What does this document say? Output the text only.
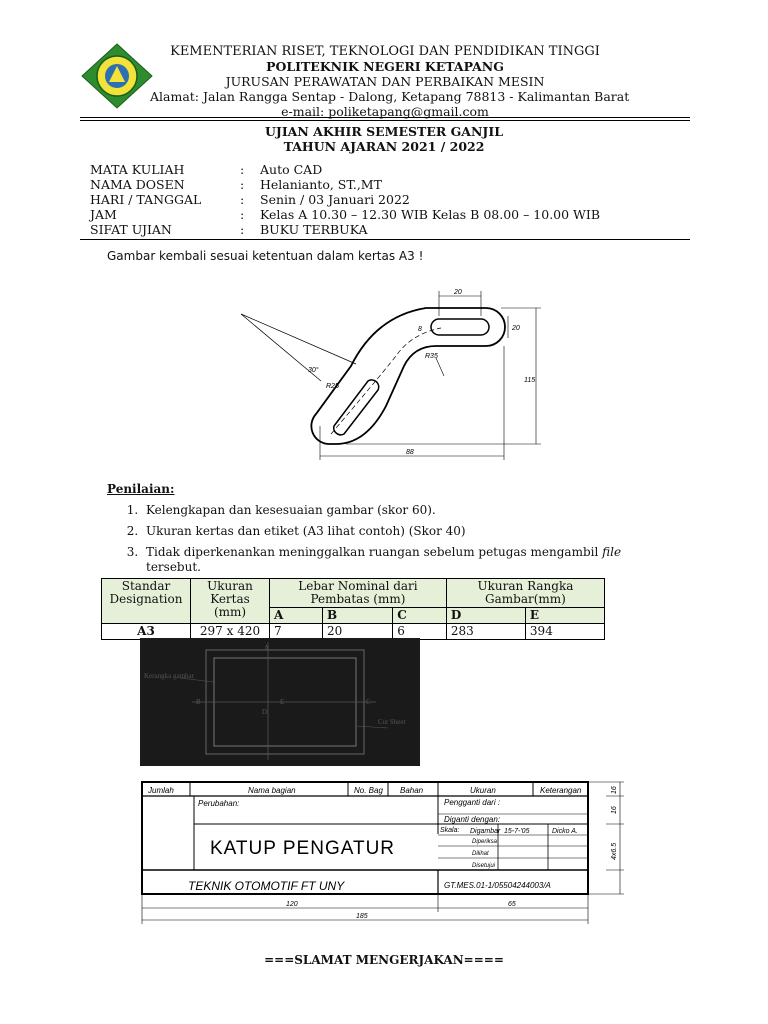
KEMENTERIAN RISET, TEKNOLOGI DAN PENDIDIKAN TINGGI
POLITEKNIK NEGERI KETAPANG
JURUSAN PERAWATAN DAN PERBAIKAN MESIN
Alamat: Jalan Rangga Sentap - Dalong, Ketapang 78813 - Kalimantan Barat
e-mail: poliketapang@gmail.com
UJIAN AKHIR SEMESTER GANJIL
TAHUN AJARAN 2021 / 2022
MATA KULIAH	:	Auto CAD
NAMA DOSEN	:	Helanianto, ST.,MT
HARI / TANGGAL	:	Senin / 03 Januari 2022
JAM	:	Kelas A 10.30 – 12.30 WIB Kelas B 08.00 – 10.00 WIB
SIFAT UJIAN	:	BUKU TERBUKA
Gambar kembali sesuai ketentuan dalam kertas A3 !
20
20
115
88
30°
R25
R35
8
Penilaian:
1. Kelengkapan dan kesesuaian gambar (skor 60).
2. Ukuran kertas dan etiket (A3 lihat contoh) (Skor 40)
3. Tidak diperkenankan meninggalkan ruangan sebelum petugas mengambil file
tersebut.
Standar Designation	Ukuran Kertas (mm)	Lebar Nominal dari Pembatas (mm)			Ukuran Rangka Gambar(mm)	
		A	B	C	D	E
A3	297 x 420	7	20	6	283	394
Kerangka gambar
Cut Sheet
A
B	C
D
E
Jumlah	Nama bagian	No. Bag Bahan	Ukuran	Keterangan
Perubahan:	Pengganti dari :
Diganti dengan:
Skala: Digambar 15-7-'05	Dicko A.
Diperiksa
Dilihat
Disetujui
TEKNIK OTOMOTIF FT UNY	GT.MES.01-1/05504244003/A
120	65
185
16
16
4x6.5
KATUP PENGATUR
===SLAMAT MENGERJAKAN====
